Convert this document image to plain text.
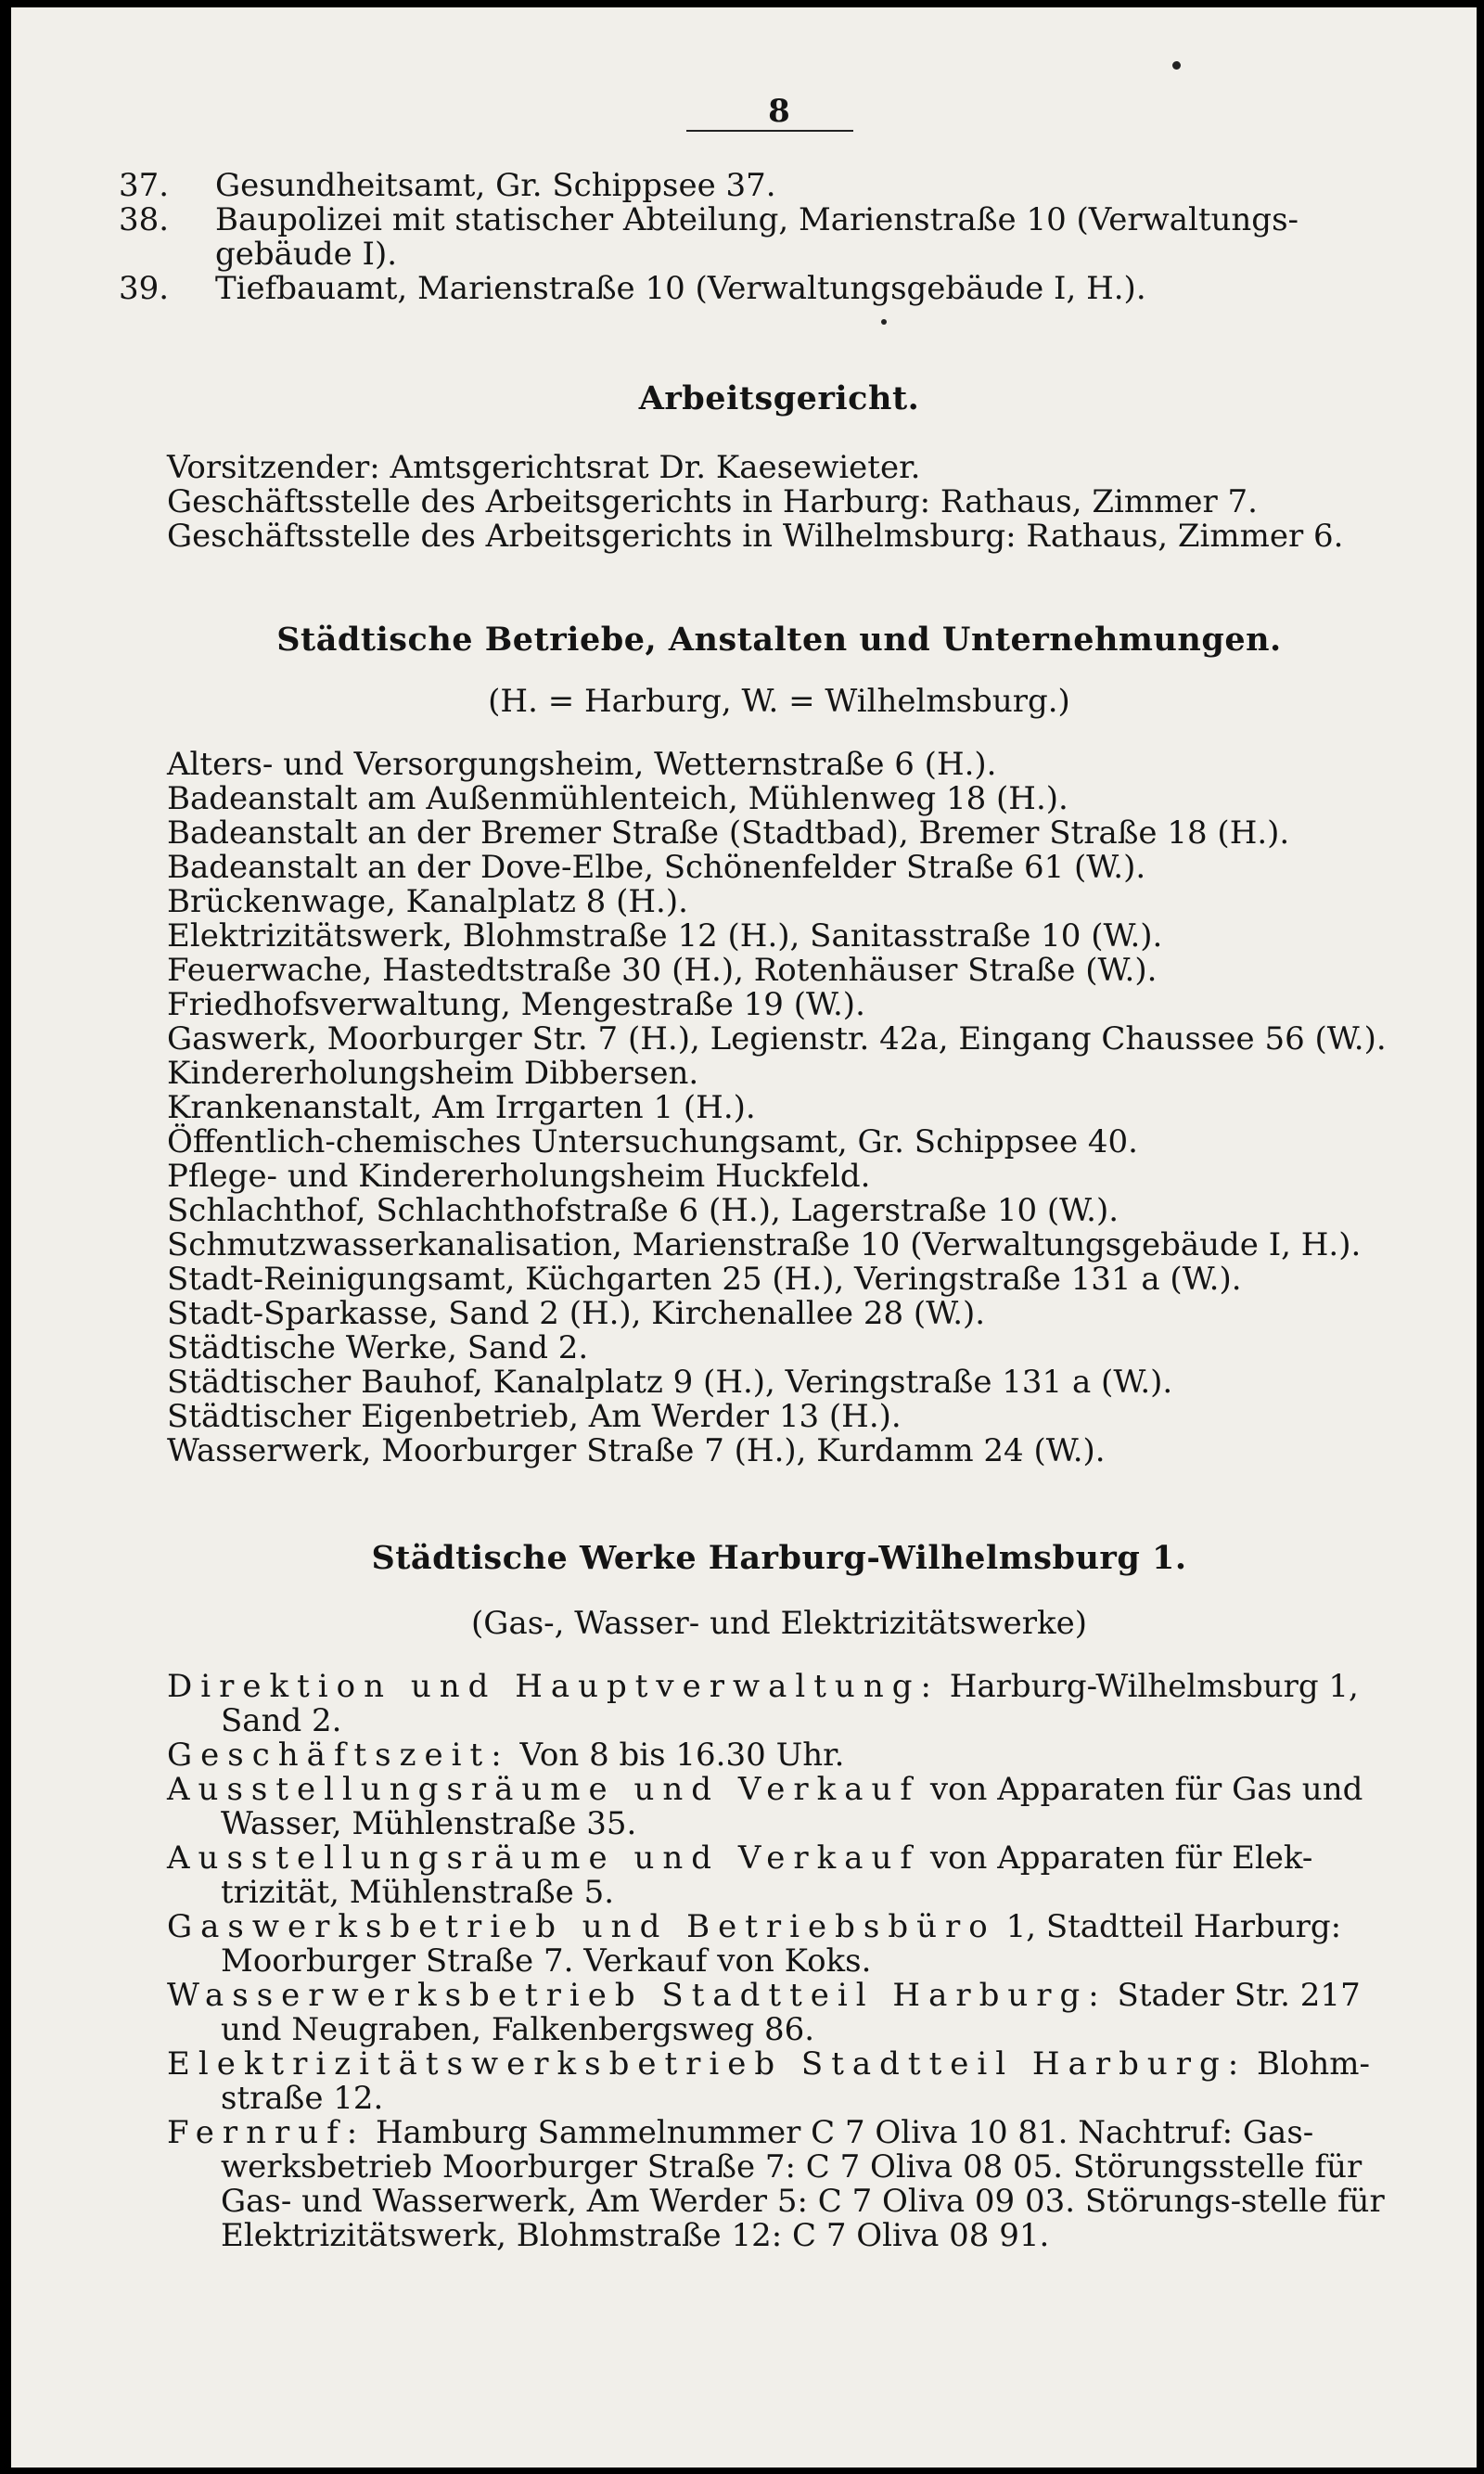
8

37. Gesundheitsamt, Gr. Schippsee 37.

38. Baupolizei mit statischer Abteilung, Marienstraße 10 (Verwaltungs-gebäude I).

39. Tiefbauamt, Marienstraße 10 (Verwaltungsgebäude I, H.).

Arbeitsgericht.

Vorsitzender: Amtsgerichtsrat Dr. Kaesewieter.

Geschäftsstelle des Arbeitsgerichts in Harburg: Rathaus, Zimmer 7.

Geschäftsstelle des Arbeitsgerichts in Wilhelmsburg: Rathaus, Zimmer 6.

Städtische Betriebe, Anstalten und Unternehmungen.

(H. = Harburg, W. = Wilhelmsburg.)

Alters- und Versorgungsheim, Wetternstraße 6 (H.).

Badeanstalt am Außenmühlenteich, Mühlenweg 18 (H.).

Badeanstalt an der Bremer Straße (Stadtbad), Bremer Straße 18 (H.).

Badeanstalt an der Dove-Elbe, Schönenfelder Straße 61 (W.).

Brückenwage, Kanalplatz 8 (H.).

Elektrizitätswerk, Blohmstraße 12 (H.), Sanitasstraße 10 (W.).

Feuerwache, Hastedtstraße 30 (H.), Rotenhäuser Straße (W.).

Friedhofsverwaltung, Mengestraße 19 (W.).

Gaswerk, Moorburger Str. 7 (H.), Legienstr. 42a, Eingang Chaussee 56 (W.).

Kindererholungsheim Dibbersen.

Krankenanstalt, Am Irrgarten 1 (H.).

Öffentlich-chemisches Untersuchungsamt, Gr. Schippsee 40.

Pflege- und Kindererholungsheim Huckfeld.

Schlachthof, Schlachthofstraße 6 (H.), Lagerstraße 10 (W.).

Schmutzwasserkanalisation, Marienstraße 10 (Verwaltungsgebäude I, H.).

Stadt-Reinigungsamt, Küchgarten 25 (H.), Veringstraße 131 a (W.).

Stadt-Sparkasse, Sand 2 (H.), Kirchenallee 28 (W.).

Städtische Werke, Sand 2.

Städtischer Bauhof, Kanalplatz 9 (H.), Veringstraße 131 a (W.).

Städtischer Eigenbetrieb, Am Werder 13 (H.).

Wasserwerk, Moorburger Straße 7 (H.), Kurdamm 24 (W.).

Städtische Werke Harburg-Wilhelmsburg 1.

(Gas-, Wasser- und Elektrizitätswerke)

Direktion und Hauptverwaltung: Harburg-Wilhelmsburg 1, Sand 2.

Geschäftszeit: Von 8 bis 16.30 Uhr.

Ausstellungsräume und Verkauf von Apparaten für Gas und Wasser, Mühlenstraße 35.

Ausstellungsräume und Verkauf von Apparaten für Elek-trizität, Mühlenstraße 5.

Gaswerksbetrieb und Betriebsbüro 1, Stadtteil Harburg: Moorburger Straße 7. Verkauf von Koks.

Wasserwerksbetrieb Stadtteil Harburg: Stader Str. 217 und Neugraben, Falkenbergsweg 86.

Elektrizitätswerksbetrieb Stadtteil Harburg: Blohm-straße 12.

Fernruf: Hamburg Sammelnummer C 7 Oliva 10 81. Nachtruf: Gas-werksbetrieb Moorburger Straße 7: C 7 Oliva 08 05. Störungsstelle für Gas- und Wasserwerk, Am Werder 5: C 7 Oliva 09 03. Störungs-stelle für Elektrizitätswerk, Blohmstraße 12: C 7 Oliva 08 91.
